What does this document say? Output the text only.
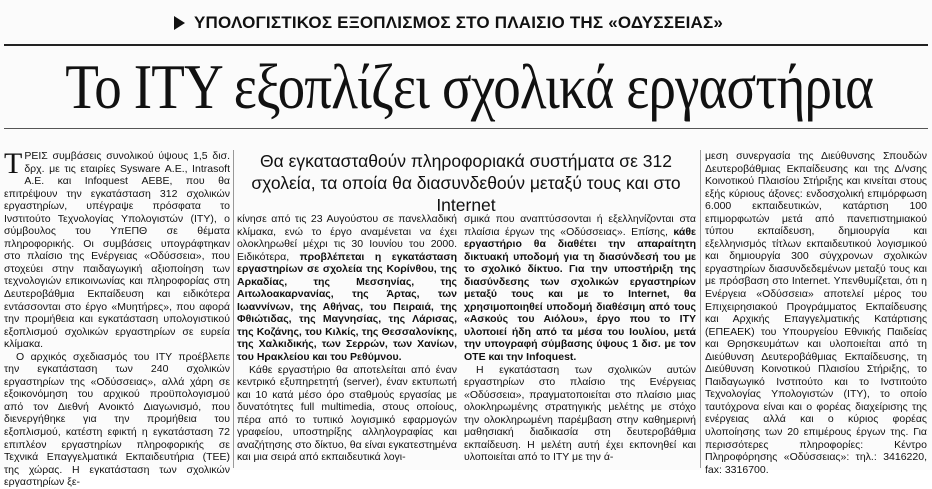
ΥΠΟΛΟΓΙΣΤΙΚΟΣ ΕΞΟΠΛΙΣΜΟΣ ΣΤΟ ΠΛΑΙΣΙΟ ΤΗΣ «ΟΔΥΣΣΕΙΑΣ»
Το ΙΤΥ εξοπλίζει σχολικά εργαστήρια
Θα εγκατασταθούν πληροφοριακά συστήματα σε 312 σχολεία, τα οποία θα διασυνδεθούν μεταξύ τους και στο Internet

ΤΡΕΙΣ συμβάσεις συνολικού ύψους 1,5 δισ. δρχ. με τις εταιρίες Sysware Α.Ε., Intrasoft Α.Ε. και Infoquest ΑΕΒΕ, που θα επιτρέψουν την εγκατάσταση 312 σχολικών εργαστηρίων, υπέγραψε πρόσφατα το Ινστιτούτο Τεχνολογίας Υπολογιστών (ΙΤΥ), ο σύμβουλος του ΥπΕΠΘ σε θέματα πληροφορικής. Οι συμβάσεις υπογράφτηκαν στο πλαίσιο της Ενέργειας «Οδύσσεια», που στοχεύει στην παιδαγωγική αξιοποίηση των τεχνολογιών επικοινωνίας και πληροφορίας στη Δευτεροβάθμια Εκπαίδευση και ειδικότερα εντάσσονται στο έργο «Μυητήρες», που αφορά την προμήθεια και εγκατάσταση υπολογιστικού εξοπλισμού σχολικών εργαστηρίων σε ευρεία κλίμακα.

Ο αρχικός σχεδιασμός του ΙΤΥ προέβλεπε την εγκατάσταση των 240 σχολικών εργαστηρίων της «Οδύσσειας», αλλά χάρη σε εξοικονόμηση του αρχικού προϋπολογισμού από τον Διεθνή Ανοικτό Διαγωνισμό, που διενεργήθηκε για την προμήθεια του εξοπλισμού, κατέστη εφικτή η εγκατάσταση 72 επιπλέον εργαστηρίων πληροφορικής σε Τεχνικά Επαγγελματικά Εκπαιδευτήρια (ΤΕΕ) της χώρας. Η εγκατάσταση των σχολικών εργαστηρίων ξε-

κίνησε από τις 23 Αυγούστου σε πανελλαδική κλίμακα, ενώ το έργο αναμένεται να έχει ολοκληρωθεί μέχρι τις 30 Ιουνίου του 2000. Ειδικότερα, προβλέπεται η εγκατάσταση εργαστηρίων σε σχολεία της Κορίνθου, της Αρκαδίας, της Μεσσηνίας, της Αιτωλοακαρνανίας, της Άρτας, των Ιωαννίνων, της Αθήνας, του Πειραιά, της Φθιώτιδας, της Μαγνησίας, της Λάρισας, της Κοζάνης, του Κιλκίς, της Θεσσαλονίκης, της Χαλκιδικής, των Σερρών, των Χανίων, του Ηρακλείου και του Ρεθύμνου.

Κάθε εργαστήριο θα αποτελείται από έναν κεντρικό εξυπηρετητή (server), έναν εκτυπωτή και 10 κατά μέσο όρο σταθμούς εργασίας με δυνατότητες full multimedia, στους οποίους, πέρα από το τυπικό λογισμικό εφαρμογών γραφείου, υποστηρίξης αλληλογραφίας και αναζήτησης στο δίκτυο, θα είναι εγκατεστημένα και μια σειρά από εκπαιδευτικά λογι-

σμικά που αναπτύσσονται ή εξελληνίζονται στα πλαίσια έργων της «Οδύσσειας». Επίσης, κάθε εργαστήριο θα διαθέτει την απαραίτητη δικτυακή υποδομή για τη διασύνδεσή του με το σχολικό δίκτυο. Για την υποστήριξη της διασύνδεσης των σχολικών εργαστηρίων μεταξύ τους και με το Internet, θα χρησιμοποιηθεί υποδομή διαθέσιμη από τους «Ασκούς του Αιόλου», έργο που το ΙΤΥ υλοποιεί ήδη από τα μέσα του Ιουλίου, μετά την υπογραφή σύμβασης ύψους 1 δισ. με τον ΟΤΕ και την Infoquest.

Η εγκατάσταση των σχολικών αυτών εργαστηρίων στο πλαίσιο της Ενέργειας «Οδύσσεια», πραγματοποιείται στο πλαίσιο μιας ολοκληρωμένης στρατηγικής μελέτης με στόχο την ολοκληρωμένη παρέμβαση στην καθημερινή μαθησιακή διαδικασία στη δευτεροβάθμια εκπαίδευση. Η μελέτη αυτή έχει εκπονηθεί και υλοποιείται από το ΙΤΥ με την ά-

μεση συνεργασία της Διεύθυνσης Σπουδών Δευτεροβάθμιας Εκπαίδευσης και της Δ/νσης Κοινοτικού Πλαισίου Στήριξης και κινείται στους εξής κύριους άξονες: ενδοσχολική επιμόρφωση 6.000 εκπαιδευτικών, κατάρτιση 100 επιμορφωτών μετά από πανεπιστημιακού τύπου εκπαίδευση, δημιουργία και εξελληνισμός τίτλων εκπαιδευτικού λογισμικού και δημιουργία 300 σύγχρονων σχολικών εργαστηρίων διασυνδεδεμένων μεταξύ τους και με πρόσβαση στο Internet. Υπενθυμίζεται, ότι η Ενέργεια «Οδύσσεια» αποτελεί μέρος του Επιχειρησιακού Προγράμματος Εκπαίδευσης και Αρχικής Επαγγελματικής Κατάρτισης (ΕΠΕΑΕΚ) του Υπουργείου Εθνικής Παιδείας και Θρησκευμάτων και υλοποιείται από τη Διεύθυνση Δευτεροβάθμιας Εκπαίδευσης, τη Διεύθυνση Κοινοτικού Πλαισίου Στήριξης, το Παιδαγωγικό Ινστιτούτο και το Ινστιτούτο Τεχνολογίας Υπολογιστών (ΙΤΥ), το οποίο ταυτόχρονα είναι και ο φορέας διαχείρισης της ενέργειας αλλά και ο κύριος φορέας υλοποίησης των 20 επιμέρους έργων της. Για περισσότερες πληροφορίες: Κέντρο Πληροφόρησης «Οδύσσειας»: τηλ.: 3416220, fax: 3316700.
